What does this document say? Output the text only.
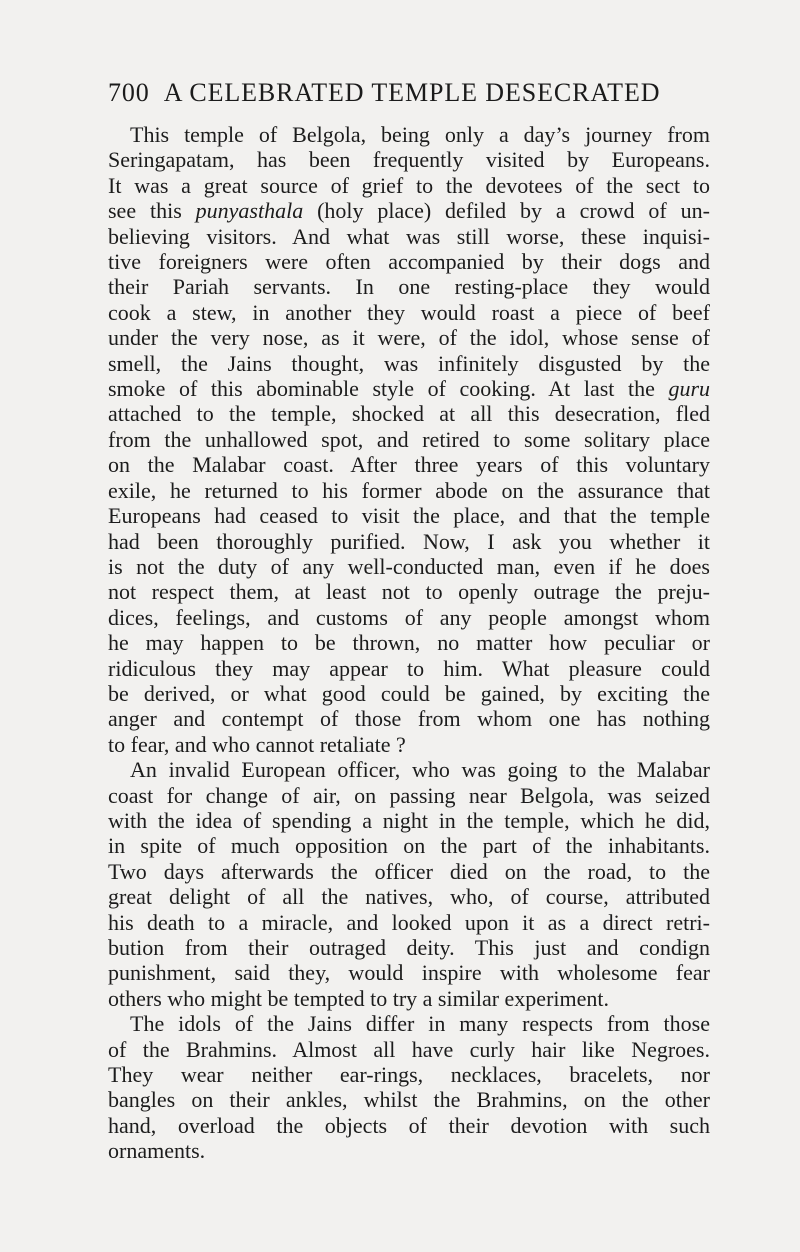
700 A CELEBRATED TEMPLE DESECRATED
This temple of Belgola, being only a day’s journey from
Seringapatam, has been frequently visited by Europeans.
It was a great source of grief to the devotees of the sect to
see this punyasthala (holy place) defiled by a crowd of un-
believing visitors. And what was still worse, these inquisi-
tive foreigners were often accompanied by their dogs and
their Pariah servants. In one resting-place they would
cook a stew, in another they would roast a piece of beef
under the very nose, as it were, of the idol, whose sense of
smell, the Jains thought, was infinitely disgusted by the
smoke of this abominable style of cooking. At last the guru
attached to the temple, shocked at all this desecration, fled
from the unhallowed spot, and retired to some solitary place
on the Malabar coast. After three years of this voluntary
exile, he returned to his former abode on the assurance that
Europeans had ceased to visit the place, and that the temple
had been thoroughly purified. Now, I ask you whether it
is not the duty of any well-conducted man, even if he does
not respect them, at least not to openly outrage the preju-
dices, feelings, and customs of any people amongst whom
he may happen to be thrown, no matter how peculiar or
ridiculous they may appear to him. What pleasure could
be derived, or what good could be gained, by exciting the
anger and contempt of those from whom one has nothing
to fear, and who cannot retaliate ?
An invalid European officer, who was going to the Malabar
coast for change of air, on passing near Belgola, was seized
with the idea of spending a night in the temple, which he did,
in spite of much opposition on the part of the inhabitants.
Two days afterwards the officer died on the road, to the
great delight of all the natives, who, of course, attributed
his death to a miracle, and looked upon it as a direct retri-
bution from their outraged deity. This just and condign
punishment, said they, would inspire with wholesome fear
others who might be tempted to try a similar experiment.
The idols of the Jains differ in many respects from those
of the Brahmins. Almost all have curly hair like Negroes.
They wear neither ear-rings, necklaces, bracelets, nor
bangles on their ankles, whilst the Brahmins, on the other
hand, overload the objects of their devotion with such
ornaments.
